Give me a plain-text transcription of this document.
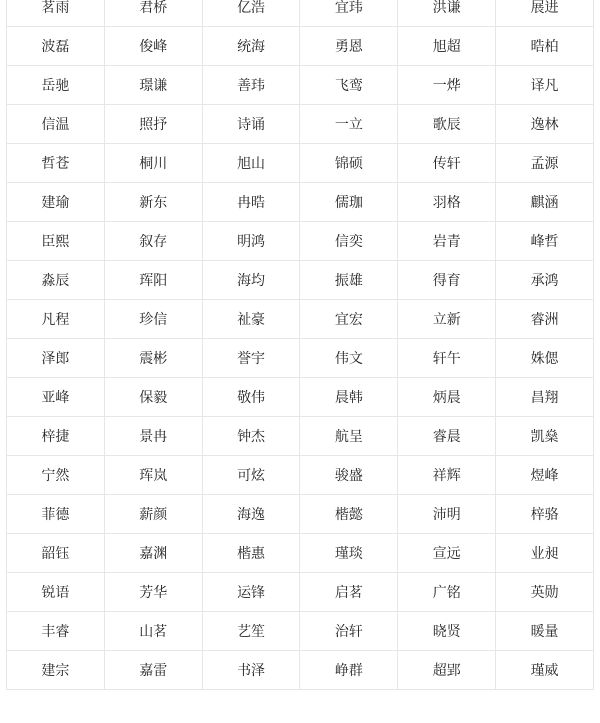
茗雨	君桥	亿浩	宜玮	洪谦	展进
波磊	俊峰	统海	勇恩	旭超	晧柏
岳驰	璟谦	善玮	飞鸾	一烨	译凡
信温	照抒	诗诵	一立	歌辰	逸林
哲苍	桐川	旭山	锦硕	传轩	孟源
建瑜	新东	冉晧	儒珈	羽格	麒涵
臣熙	叙存	明鸿	信奕	岩青	峰哲
淼辰	珲阳	海均	振雄	得育	承鸿
凡程	珍信	祉豪	宜宏	立新	睿洲
泽郎	震彬	誉宇	伟文	轩午	姝偲
亚峰	保毅	敬伟	晨韩	炳晨	昌翔
梓捷	景冉	钟杰	航呈	睿晨	凯燊
宁然	珲岚	可炫	骏盛	祥辉	煜峰
菲德	薪颜	海逸	楷懿	沛明	梓骆
韶钰	嘉渊	楷惠	瑾琰	宣远	业昶
锐语	芳华	运锋	启茗	广铭	英勋
丰睿	山茗	艺笙	治轩	晓贤	暖量
建宗	嘉雷	书泽	峥群	超郢	瑾威
